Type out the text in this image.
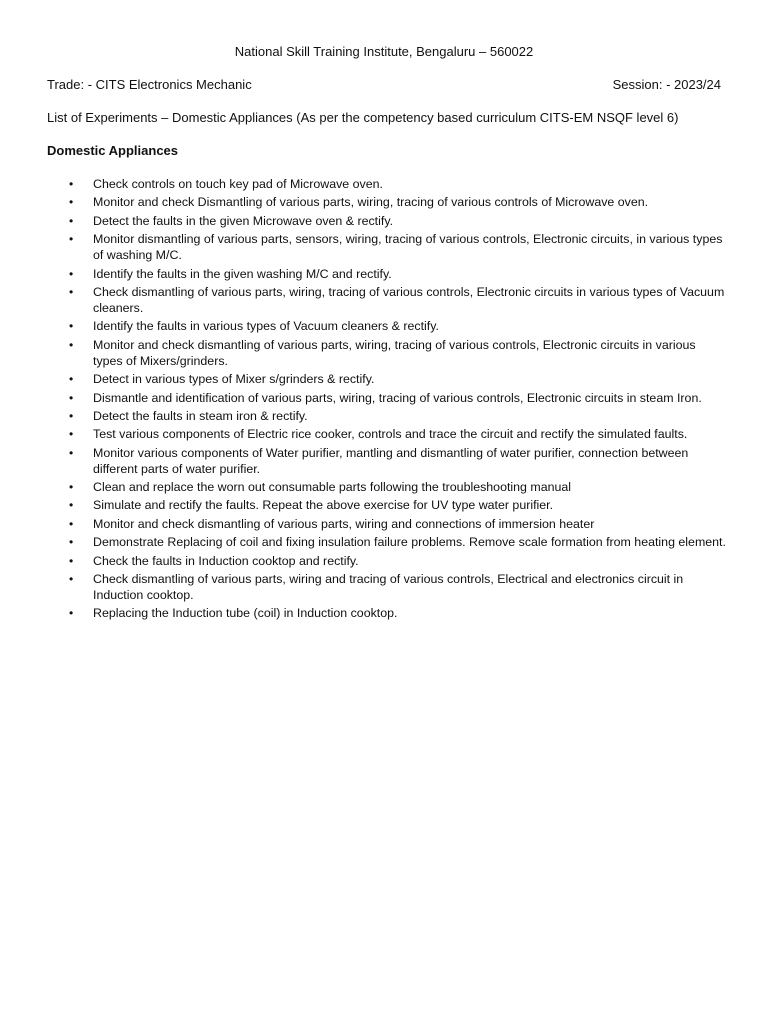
National Skill Training Institute, Bengaluru – 560022
Trade: - CITS Electronics Mechanic	Session: - 2023/24
List of Experiments – Domestic Appliances (As per the competency based curriculum CITS-EM NSQF level 6)
Domestic Appliances
• Check controls on touch key pad of Microwave oven.
• Monitor and check Dismantling of various parts, wiring, tracing of various controls of Microwave oven.
• Detect the faults in the given Microwave oven & rectify.
• Monitor dismantling of various parts, sensors, wiring, tracing of various controls, Electronic circuits, in various types of washing M/C.
• Identify the faults in the given washing M/C and rectify.
• Check dismantling of various parts, wiring, tracing of various controls, Electronic circuits in various types of Vacuum cleaners.
• Identify the faults in various types of Vacuum cleaners & rectify.
• Monitor and check dismantling of various parts, wiring, tracing of various controls, Electronic circuits in various types of Mixers/grinders.
• Detect in various types of Mixer s/grinders & rectify.
• Dismantle and identification of various parts, wiring, tracing of various controls, Electronic circuits in steam Iron.
• Detect the faults in steam iron & rectify.
• Test various components of Electric rice cooker, controls and trace the circuit and rectify the simulated faults.
• Monitor various components of Water purifier, mantling and dismantling of water purifier, connection between different parts of water purifier.
• Clean and replace the worn out consumable parts following the troubleshooting manual
• Simulate and rectify the faults. Repeat the above exercise for UV type water purifier.
• Monitor and check dismantling of various parts, wiring and connections of immersion heater
• Demonstrate Replacing of coil and fixing insulation failure problems. Remove scale formation from heating element.
• Check the faults in Induction cooktop and rectify.
• Check dismantling of various parts, wiring and tracing of various controls, Electrical and electronics circuit in Induction cooktop.
• Replacing the Induction tube (coil) in Induction cooktop.
